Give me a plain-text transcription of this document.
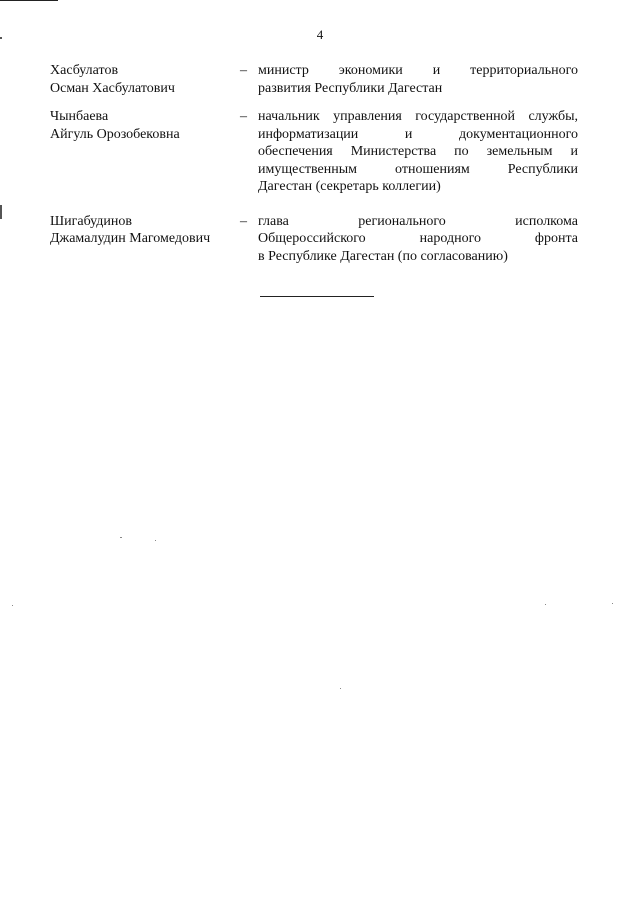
4
Хасбулатов
Осман Хасбулатович
– министр экономики и территориального
развития Республики Дагестан
Чынбаева
Айгуль Орозобековна
– начальник управления государственной службы,
информатизации и документационного
обеспечения Министерства по земельным и
имущественным отношениям Республики
Дагестан (секретарь коллегии)
Шигабудинов
Джамалудин Магомедович
– глава регионального исполкома
Общероссийского народного фронта
в Республике Дагестан (по согласованию)
